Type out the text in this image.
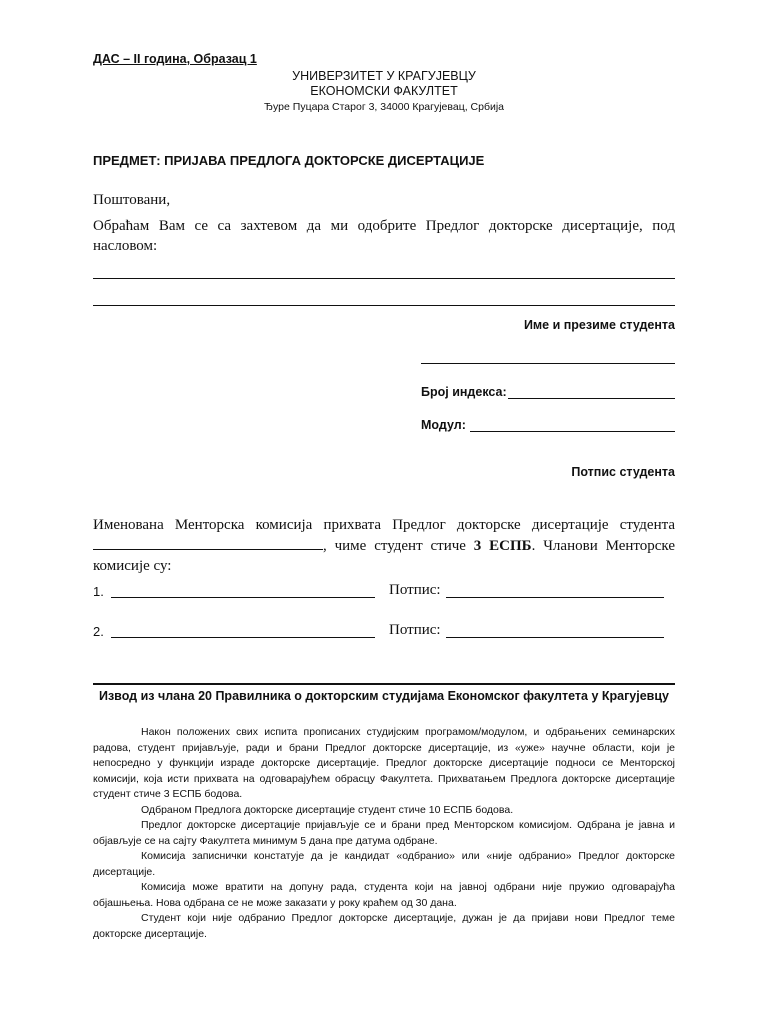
ДАС – II година, Образац 1
УНИВЕРЗИТЕТ У КРАГУЈЕВЦУ
ЕКОНОМСКИ ФАКУЛТЕТ
Ђуре Пуцара Старог 3, 34000 Крагујевац, Србија
ПРЕДМЕТ: ПРИЈАВА ПРЕДЛОГА ДОКТОРСКЕ ДИСЕРТАЦИЈЕ
Поштовани,
Обраћам Вам се са захтевом да ми одобрите Предлог докторске дисертације, под насловом:
Име и презиме студента
Број индекса:
Модул:
Потпис студента
Именована Менторска комисија прихвата Предлог докторске дисертације студента , чиме студент стиче 3 ЕСПБ. Чланови Менторске комисије су:
1.	Потпис:
2.	Потпис:
Извод из члана 20 Правилника о докторским студијама Економског факултета у Крагујевцу

Након положених свих испита прописаних студијским програмом/модулом, и одбрањених семинарских радова, студент пријављује, ради и брани Предлог докторске дисертације, из «уже» научне области, који је непосредно у функцији израде докторске дисертације. Предлог докторске дисертације подноси се Менторској комисији, која исти прихвата на одговарајућем обрасцу Факултета. Прихватањем Предлога докторске дисертације студент стиче 3 ЕСПБ бодова.

Одбраном Предлога докторске дисертације студент стиче 10 ЕСПБ бодова.

Предлог докторске дисертације пријављује се и брани пред Менторском комисијом. Одбрана је јавна и објављује се на сајту Факултета минимум 5 дана пре датума одбране.

Комисија записнички констатује да је кандидат «одбранио» или «није одбранио» Предлог докторске дисертације.

Комисија може вратити на допуну рада, студента који на јавној одбрани није пружио одговарајућа објашњења. Нова одбрана се не може заказати у року краћем од 30 дана.

Студент који није одбранио Предлог докторске дисертације, дужан је да пријави нови Предлог теме докторске дисертације.
